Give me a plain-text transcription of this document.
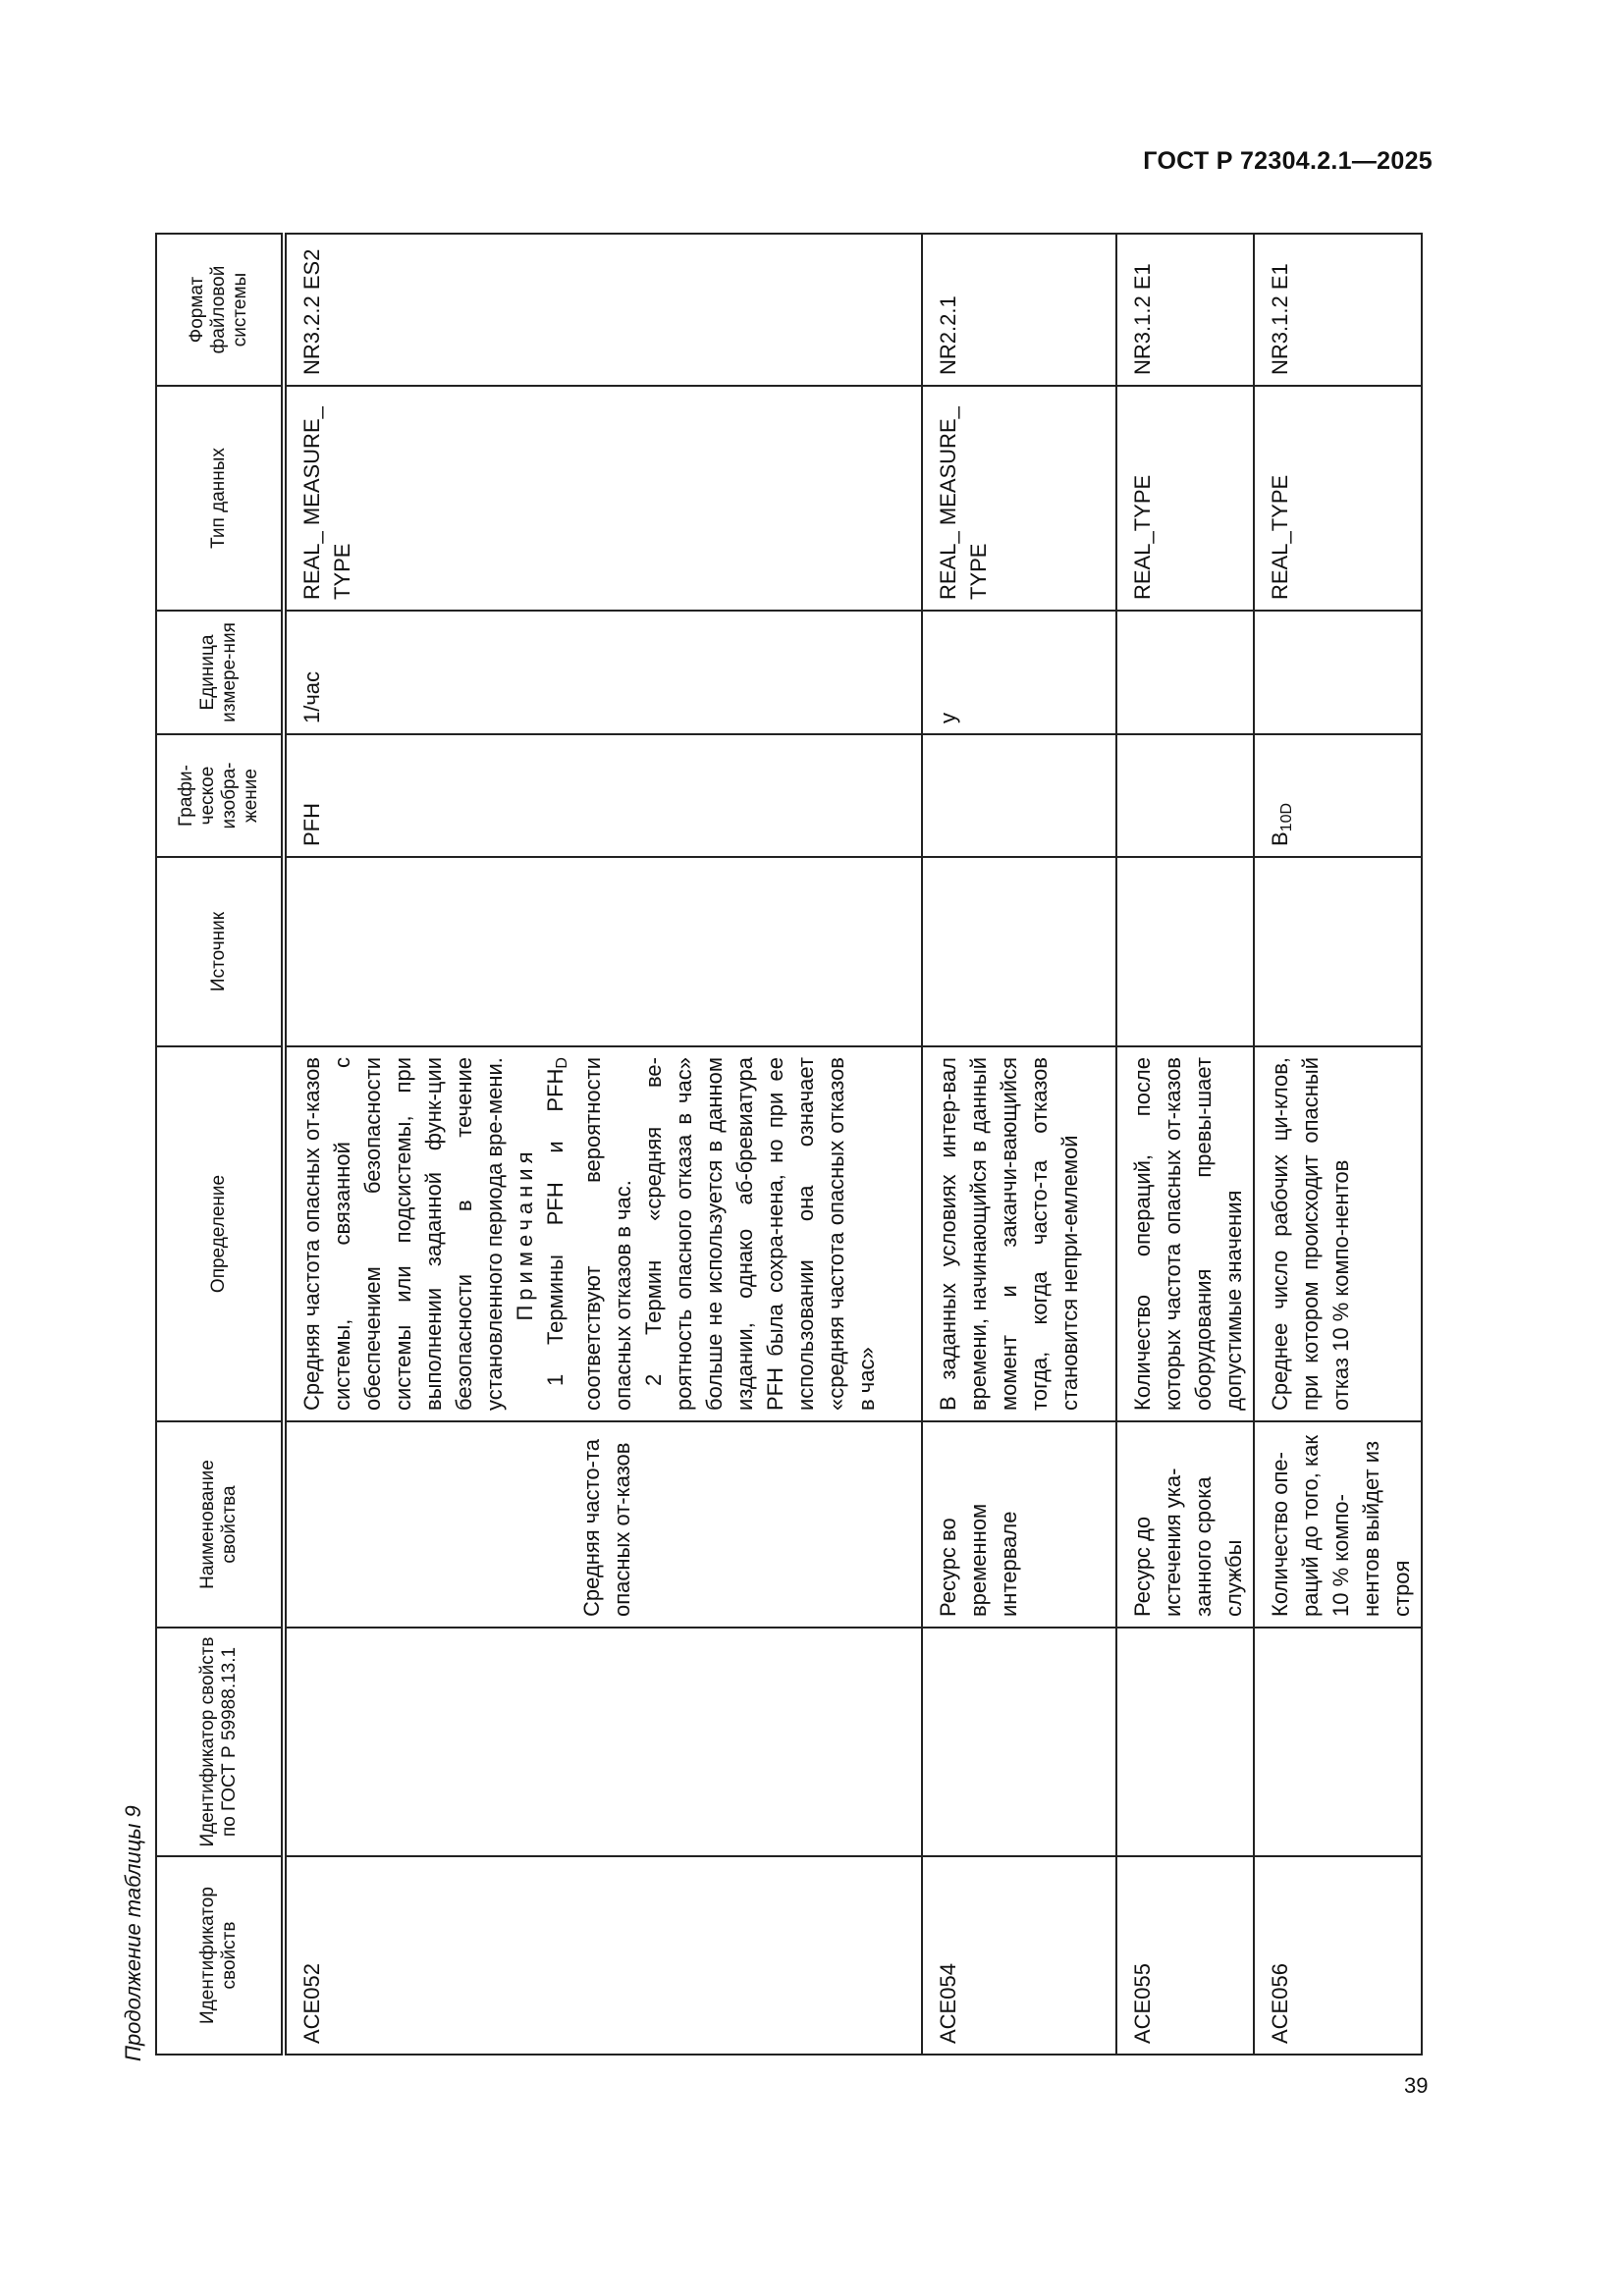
ГОСТ Р 72304.2.1—2025
Продолжение таблицы 9	Идентификатор свойств	Идентификатор свойств по ГОСТ Р 59988.13.1	Наименование свойства	Определение	Источник	Графи-ческое изобра-жение	Единица измере-ния	Тип данных	Формат файловой системы
ACE052		Средняя часто-та опасных от-казов	Средняя частота опасных от-казов системы, связанной с обеспечением безопасности системы или подсистемы, при выполнении заданной функ-ции безопасности в течение установленного периода вре-мени. Примечания 1 Термины PFH и $PFH_D$ соответствуют вероятности опасных отказов в час. 2 Термин «средняя ве-роятность опасного отказа в час» больше не используется в данном издании, однако аб-бревиатура PFH была сохра-нена, но при ее использовании она означает «средняя частота опасных отказов в час»		PFH	1/час	REAL_ MEASURE_ TYPE	NR3.2.2 ES2
ACE054		Ресурс во временном интервале	В заданных условиях интер-вал времени, начинающийся в данный момент и заканчи-вающийся тогда, когда часто-та отказов становится непри-емлемой			y	REAL_ MEASURE_ TYPE	NR2.2.1
ACE055		Ресурс до истечения ука-занного срока службы	Количество операций, после которых частота опасных от-казов оборудования превы-шает допустимые значения				REAL_TYPE	NR3.1.2 E1
ACE056		Количество опе-раций до того, как 10 % компо-нентов выйдет из строя	Среднее число рабочих ци-клов, при котором происходит опасный отказ 10 % компо-нентов		$B_{10D}$		REAL_TYPE	NR3.1.2 E1
39
